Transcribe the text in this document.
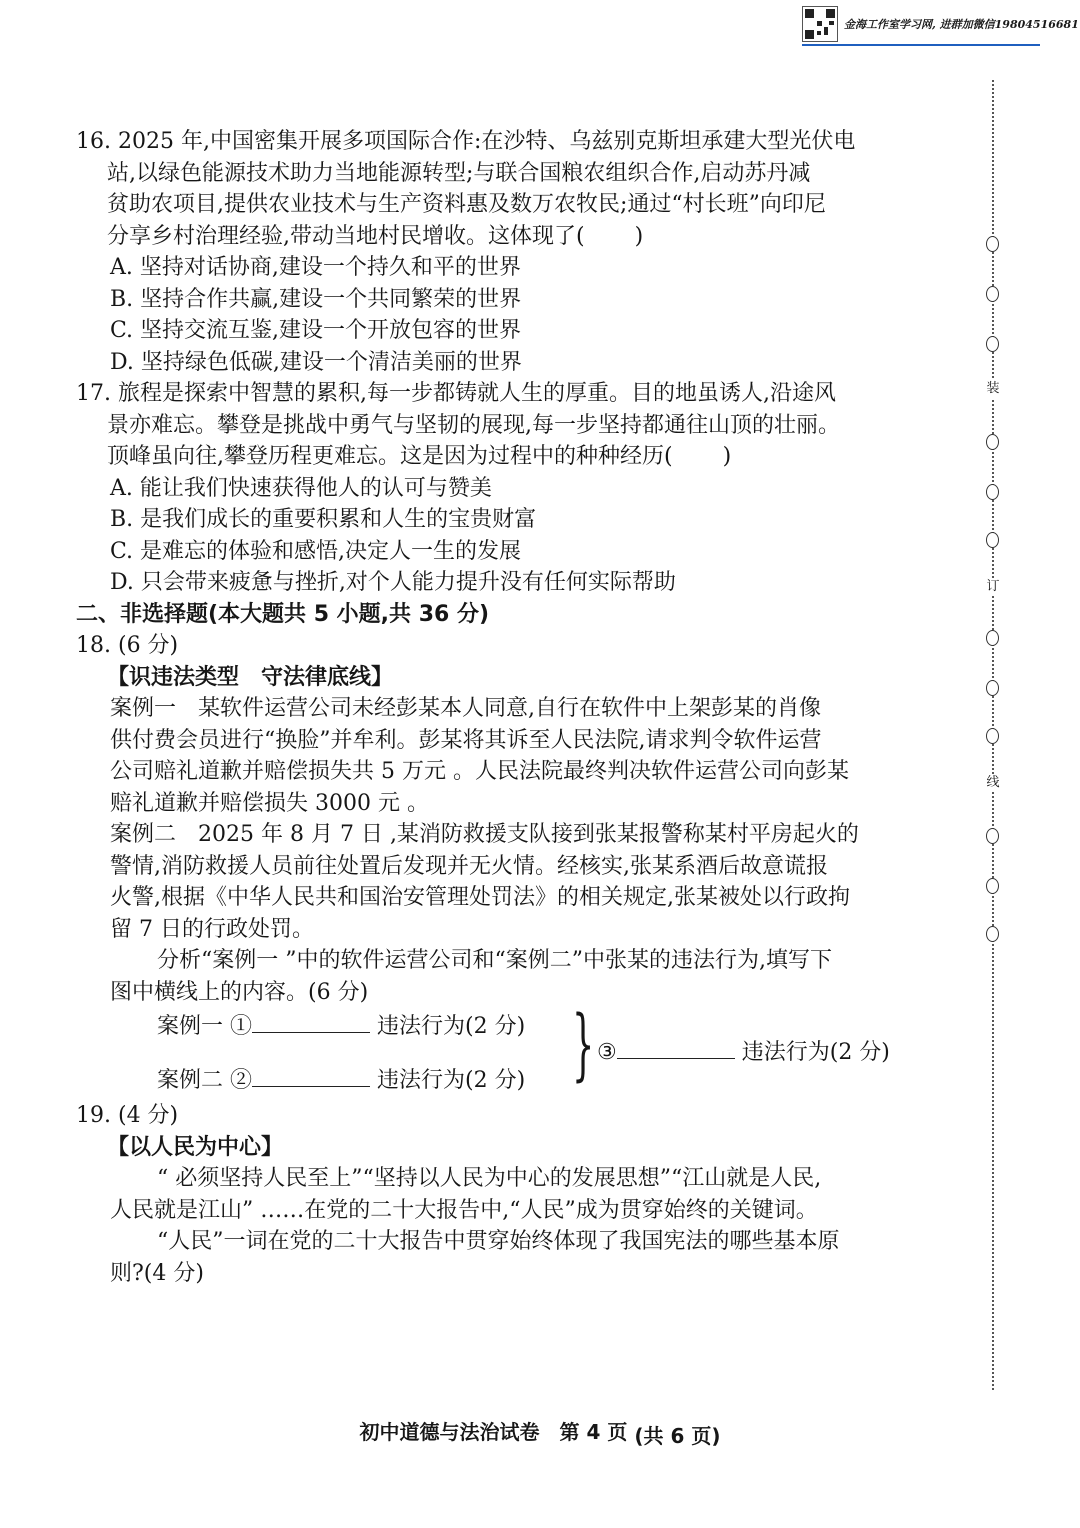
金海工作室学习网, 进群加微信19804516681
装
订
线
16. 2025 年,中国密集开展多项国际合作:在沙特、乌兹别克斯坦承建大型光伏电
站,以绿色能源技术助力当地能源转型;与联合国粮农组织合作,启动苏丹减
贫助农项目,提供农业技术与生产资料惠及数万农牧民;通过“村长班”向印尼
分享乡村治理经验,带动当地村民增收。这体现了( )
A. 坚持对话协商,建设一个持久和平的世界
B. 坚持合作共赢,建设一个共同繁荣的世界
C. 坚持交流互鉴,建设一个开放包容的世界
D. 坚持绿色低碳,建设一个清洁美丽的世界
17. 旅程是探索中智慧的累积,每一步都铸就人生的厚重。目的地虽诱人,沿途风
景亦难忘。攀登是挑战中勇气与坚韧的展现,每一步坚持都通往山顶的壮丽。
顶峰虽向往,攀登历程更难忘。这是因为过程中的种种经历( )
A. 能让我们快速获得他人的认可与赞美
B. 是我们成长的重要积累和人生的宝贵财富
C. 是难忘的体验和感悟,决定人一生的发展
D. 只会带来疲惫与挫折,对个人能力提升没有任何实际帮助
二、非选择题(本大题共 5 小题,共 36 分)
18. (6 分)
【识违法类型　守法律底线】
案例一　某软件运营公司未经彭某本人同意,自行在软件中上架彭某的肖像
供付费会员进行“换脸”并牟利。彭某将其诉至人民法院,请求判令软件运营
公司赔礼道歉并赔偿损失共 5 万元 。人民法院最终判决软件运营公司向彭某
赔礼道歉并赔偿损失 3000 元 。
案例二　2025 年 8 月 7 日 ,某消防救援支队接到张某报警称某村平房起火的
警情,消防救援人员前往处置后发现并无火情。经核实,张某系酒后故意谎报
火警,根据《中华人民共和国治安管理处罚法》的相关规定,张某被处以行政拘
留 7 日的行政处罚。
分析“案例一 ”中的软件运营公司和“案例二”中张某的违法行为,填写下
图中横线上的内容。(6 分)
案例一 ①	违法行为(2 分)
案例二 ②	违法行为(2 分) } ③	违法行为(2 分)
19. (4 分)
【以人民为中心】
“ 必须坚持人民至上”“坚持以人民为中心的发展思想”“江山就是人民,
人民就是江山” ……在党的二十大报告中,“人民”成为贯穿始终的关键词。
“人民”一词在党的二十大报告中贯穿始终体现了我国宪法的哪些基本原
则?(4 分)
初中道德与法治试卷　第 4 页 (共 6 页)
